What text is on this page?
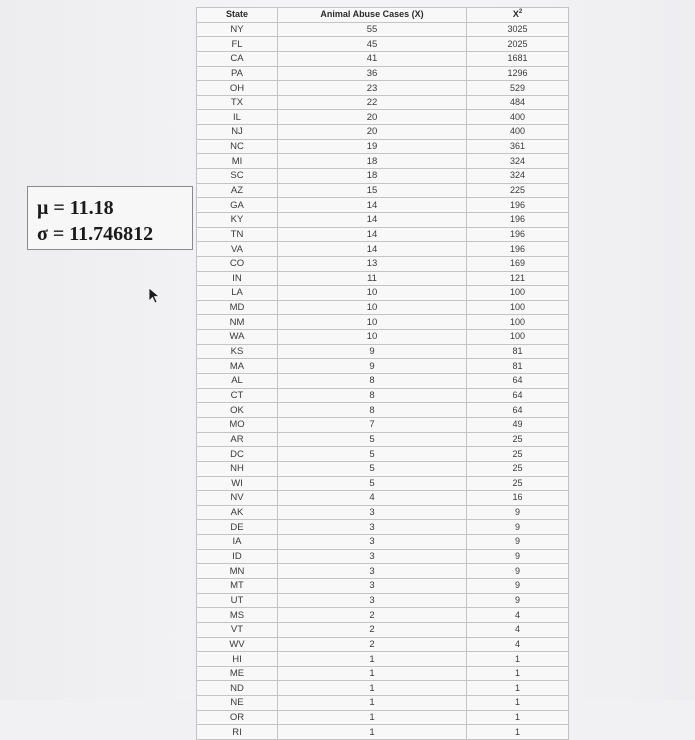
μ = 11.18
σ = 11.746812
State	Animal Abuse Cases (X)	$X^2$
NY	55	3025
FL	45	2025
CA	41	1681
PA	36	1296
OH	23	529
TX	22	484
IL	20	400
NJ	20	400
NC	19	361
MI	18	324
SC	18	324
AZ	15	225
GA	14	196
KY	14	196
TN	14	196
VA	14	196
CO	13	169
IN	11	121
LA	10	100
MD	10	100
NM	10	100
WA	10	100
KS	9	81
MA	9	81
AL	8	64
CT	8	64
OK	8	64
MO	7	49
AR	5	25
DC	5	25
NH	5	25
WI	5	25
NV	4	16
AK	3	9
DE	3	9
IA	3	9
ID	3	9
MN	3	9
MT	3	9
UT	3	9
MS	2	4
VT	2	4
WV	2	4
HI	1	1
ME	1	1
ND	1	1
NE	1	1
OR	1	1
RI	1	1
